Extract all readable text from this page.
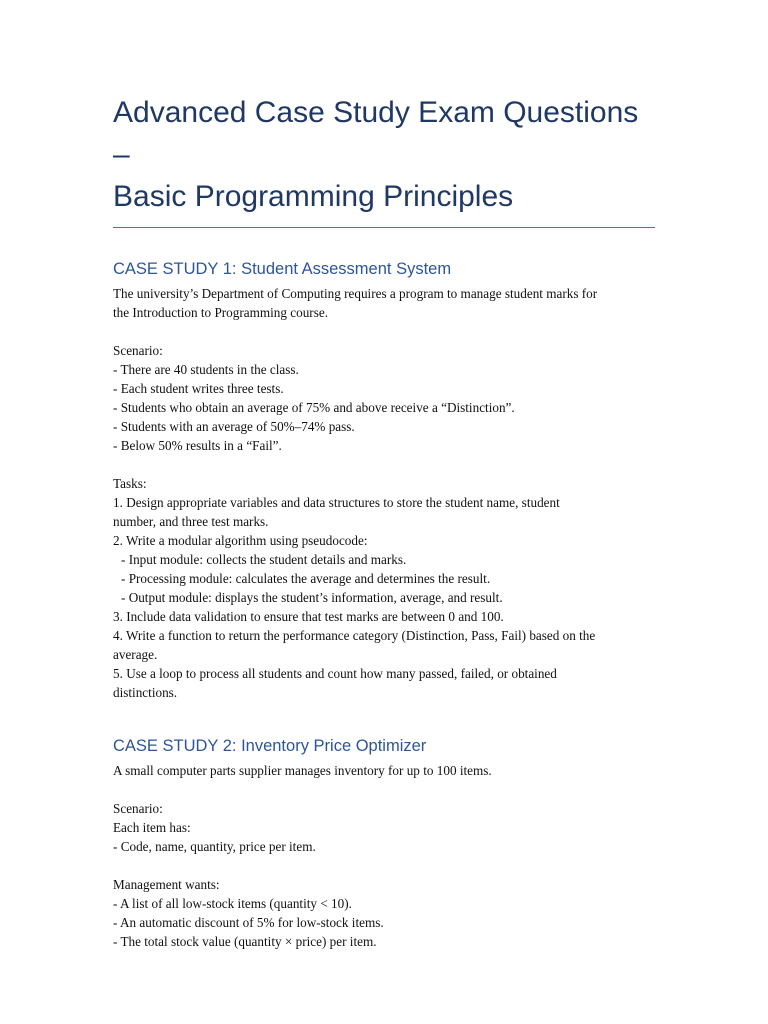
Advanced Case Study Exam Questions –
Basic Programming Principles
CASE STUDY 1: Student Assessment System

The university’s Department of Computing requires a program to manage student marks for
the Introduction to Programming course.

Scenario:
- There are 40 students in the class.
- Each student writes three tests.
- Students who obtain an average of 75% and above receive a “Distinction”.
- Students with an average of 50%–74% pass.
- Below 50% results in a “Fail”.

Tasks:
1. Design appropriate variables and data structures to store the student name, student
number, and three test marks.
2. Write a modular algorithm using pseudocode:
- Input module: collects the student details and marks.
- Processing module: calculates the average and determines the result.
- Output module: displays the student’s information, average, and result.
3. Include data validation to ensure that test marks are between 0 and 100.
4. Write a function to return the performance category (Distinction, Pass, Fail) based on the
average.
5. Use a loop to process all students and count how many passed, failed, or obtained
distinctions.

CASE STUDY 2: Inventory Price Optimizer

A small computer parts supplier manages inventory for up to 100 items.

Scenario:
Each item has:
- Code, name, quantity, price per item.

Management wants:
- A list of all low-stock items (quantity < 10).
- An automatic discount of 5% for low-stock items.
- The total stock value (quantity × price) per item.
